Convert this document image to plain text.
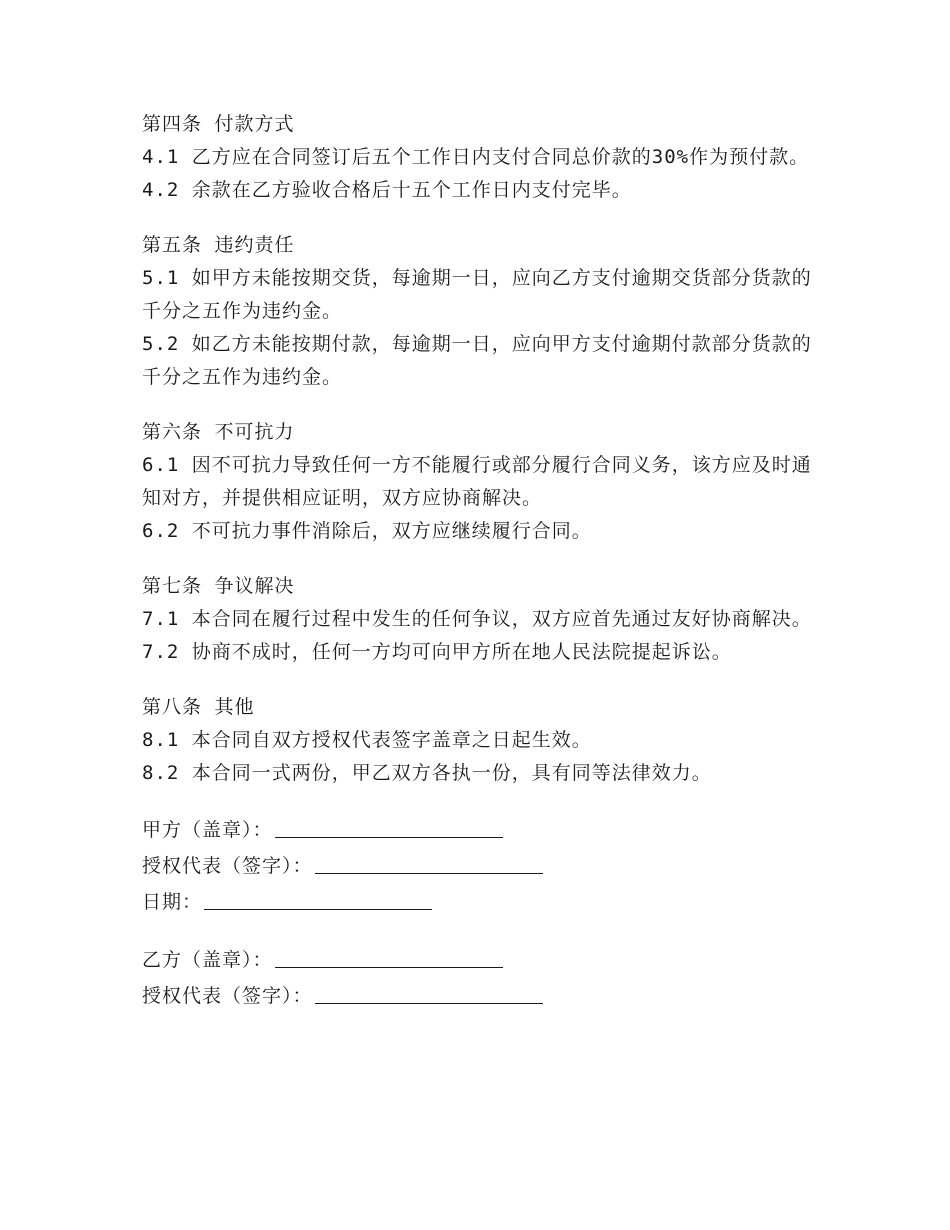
第四条 付款方式
4.1 乙方应在合同签订后五个工作日内支付合同总价款的30%作为预付款。
4.2 余款在乙方验收合格后十五个工作日内支付完毕。
第五条 违约责任
5.1 如甲方未能按期交货，每逾期一日，应向乙方支付逾期交货部分货款的千分之五作为违约金。
5.2 如乙方未能按期付款，每逾期一日，应向甲方支付逾期付款部分货款的千分之五作为违约金。
第六条 不可抗力
6.1 因不可抗力导致任何一方不能履行或部分履行合同义务，该方应及时通知对方，并提供相应证明，双方应协商解决。
6.2 不可抗力事件消除后，双方应继续履行合同。
第七条 争议解决
7.1 本合同在履行过程中发生的任何争议，双方应首先通过友好协商解决。
7.2 协商不成时，任何一方均可向甲方所在地人民法院提起诉讼。
第八条 其他
8.1 本合同自双方授权代表签字盖章之日起生效。
8.2 本合同一式两份，甲乙双方各执一份，具有同等法律效力。
甲方（盖章）：
授权代表（签字）：
日期：
乙方（盖章）：
授权代表（签字）：
